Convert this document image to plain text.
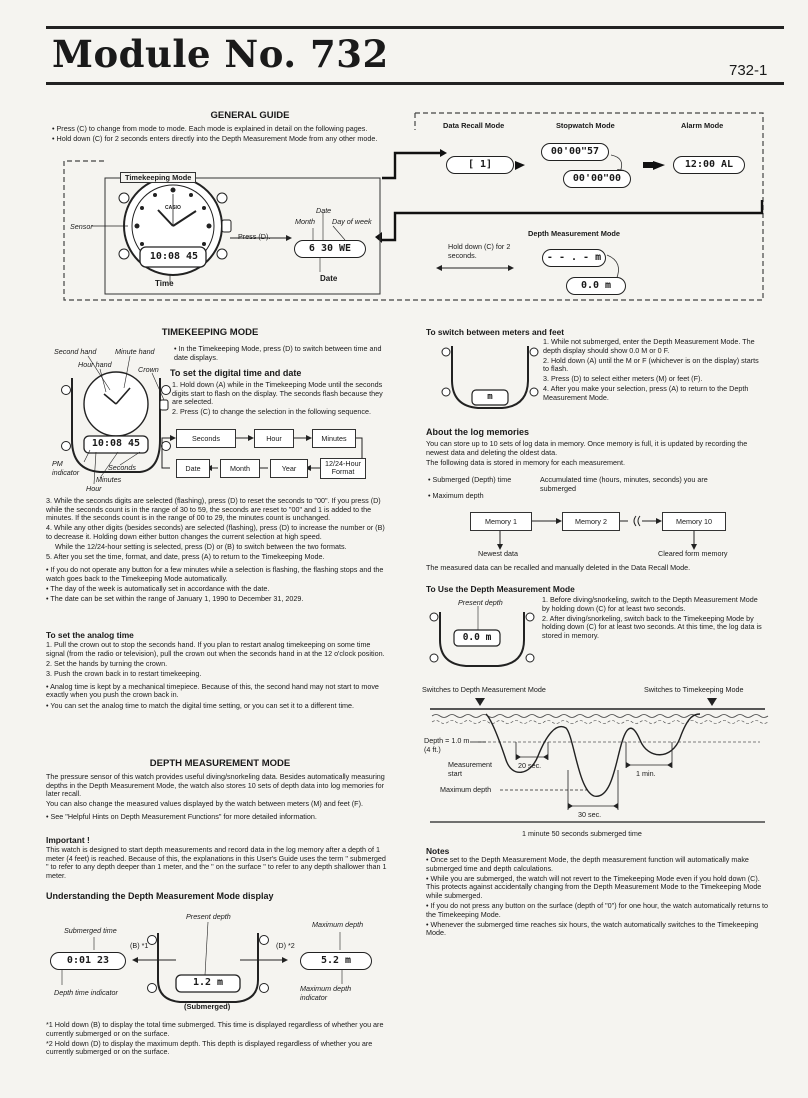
Module No. 732	732-1
GENERAL GUIDE
• Press (C) to change from mode to mode. Each mode is explained in detail on the following pages.
• Hold down (C) for 2 seconds enters directly into the Depth Measurement Mode from any other mode.
Timekeeping Mode
CASIO
10:08 45
Sensor
Time
Press (D).
Date
Month Day of week
6 30 WE
Date
Data Recall Mode	Stopwatch Mode	Alarm Mode
[ 1]
00'00"57
00'00"00
12:00 AL
Depth Measurement Mode
Hold down (C) for 2 seconds.	- - . - m
0.0 m
TIMEKEEPING MODE
10:08 45
Second hand	Minute hand
Hour hand
Crown
PM indicator
Seconds
Minutes
Hour
• In the Timekeeping Mode, press (D) to switch between time and date displays.
To set the digital time and date
1. Hold down (A) while in the Timekeeping Mode until the seconds digits start to flash on the display. The seconds flash because they are selected.
2. Press (C) to change the selection in the following sequence.
Seconds	Hour	Minutes
12/24-Hour Format
Year
Month
Date
3. While the seconds digits are selected (flashing), press (D) to reset the seconds to "00". If you press (D) while the seconds count is in the range of 30 to 59, the seconds are reset to "00" and 1 is added to the minutes. If the seconds count is in the range of 00 to 29, the minutes count is unchanged.
4. While any other digits (besides seconds) are selected (flashing), press (D) to increase the number or (B) to decrease it. Holding down either button changes the current selection at high speed.
While the 12/24-hour setting is selected, press (D) or (B) to switch between the two formats.
5. After you set the time, format, and date, press (A) to return to the Timekeeping Mode.
• If you do not operate any button for a few minutes while a selection is flashing, the flashing stops and the watch goes back to the Timekeeping Mode automatically.
• The day of the week is automatically set in accordance with the date.
• The date can be set within the range of January 1, 1990 to December 31, 2029.
To set the analog time
1. Pull the crown out to stop the seconds hand. If you plan to restart analog timekeeping on some time signal (from the radio or television), pull the crown out when the seconds hand in at the 12 o'clock position.
2. Set the hands by turning the crown.
3. Push the crown back in to restart timekeeping.
• Analog time is kept by a mechanical timepiece. Because of this, the second hand may not start to move exactly when you push the crown back in.
• You can set the analog time to match the digital time setting, or you can set it to a different time.
DEPTH MEASUREMENT MODE
The pressure sensor of this watch provides useful diving/snorkeling data. Besides automatically measuring depths in the Depth Measurement Mode, the watch also stores 10 sets of depth data into log memories for later recall.
You can also change the measured values displayed by the watch between meters (M) and feet (F).
• See "Helpful Hints on Depth Measurement Functions" for more detailed information.
Important !
This watch is designed to start depth measurements and record data in the log memory after a depth of 1 meter (4 feet) is reached. Because of this, the explanations in this User's Guide uses the term " submerged " to refer to any depth deeper than 1 meter, and the " on the surface " to refer to any depth shallower than 1 meter.
Understanding the Depth Measurement Mode display
Present depth
Submerged time
Maximum depth
0:01 23
1.2 m
5.2 m
(B) *1	(D) *2
Depth time indicator	Maximum depth indicator
(Submerged)
*1 Hold down (B) to display the total time submerged. This time is displayed regardless of whether you are currently submerged or on the surface.
*2 Hold down (D) to display the maximum depth. This depth is displayed regardless of whether you are currently submerged or on the surface.
To switch between meters and feet
m
1. While not submerged, enter the Depth Measurement Mode. The depth display should show 0.0 M or 0 F.
2. Hold down (A) until the M or F (whichever is on the display) starts to flash.
3. Press (D) to select either meters (M) or feet (F).
4. After you make your selection, press (A) to return to the Depth Measurement Mode.
About the log memories
You can store up to 10 sets of log data in memory. Once memory is full, it is updated by recording the newest data and deleting the oldest data.
The following data is stored in memory for each measurement.
• Submerged (Depth) time	Accumulated time (hours, minutes, seconds) you are submerged
• Maximum depth
Memory 1	Memory 2	Memory 10
Newest data	Cleared form memory
The measured data can be recalled and manually deleted in the Data Recall Mode.
To Use the Depth Measurement Mode
Present depth
0.0 m
1. Before diving/snorkeling, switch to the Depth Measurement Mode by holding down (C) for at least two seconds.
2. After diving/snorkeling, switch back to the Timekeeping Mode by holding down (C) for at least two seconds. At this time, the log data is stored in memory.
Switches to Depth Measurement Mode	Switches to Timekeeping Mode
Depth = 1.0 m (4 ft.)
Measurement start
Maximum depth
20 sec.
30 sec.
1 min.
1 minute 50 seconds submerged time
Notes
• Once set to the Depth Measurement Mode, the depth measurement function will automatically make submerged time and depth calculations.
• While you are submerged, the watch will not revert to the Timekeeping Mode even if you hold down (C). This protects against accidentally changing from the Depth Measurement Mode to the Timekeeping Mode while submerged.
• If you do not press any button on the surface (depth of "0") for one hour, the watch automatically returns to the Timekeeping Mode.
• Whenever the submerged time reaches six hours, the watch automatically switches to the Timekeeping Mode.
